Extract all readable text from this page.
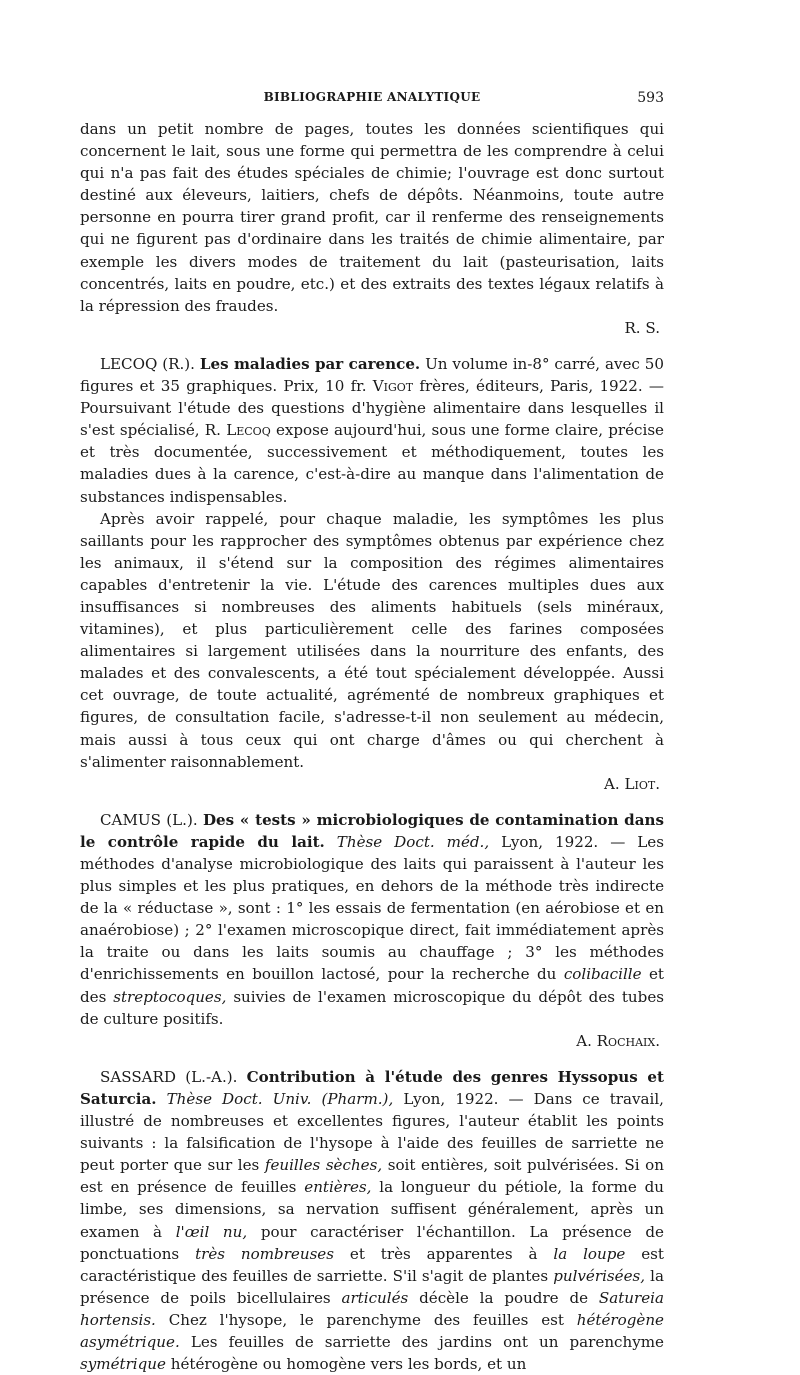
BIBLIOGRAPHIE ANALYTIQUE	593

dans un petit nombre de pages, toutes les données scientifiques qui concernent le lait, sous une forme qui permettra de les comprendre à celui qui n'a pas fait des études spéciales de chimie; l'ouvrage est donc surtout destiné aux éleveurs, laitiers, chefs de dépôts. Néanmoins, toute autre personne en pourra tirer grand profit, car il renferme des renseignements qui ne figurent pas d'ordinaire dans les traités de chimie alimentaire, par exemple les divers modes de traitement du lait (pasteurisation, laits concentrés, laits en poudre, etc.) et des extraits des textes légaux relatifs à la répression des fraudes.

R. S.

LECOQ (R.). Les maladies par carence. Un volume in-8° carré, avec 50 figures et 35 graphiques. Prix, 10 fr. Vigot frères, éditeurs, Paris, 1922. — Poursuivant l'étude des questions d'hygiène alimentaire dans lesquelles il s'est spécialisé, R. Lecoq expose aujourd'hui, sous une forme claire, précise et très documentée, successivement et méthodiquement, toutes les maladies dues à la carence, c'est-à-dire au manque dans l'alimentation de substances indispensables.

Après avoir rappelé, pour chaque maladie, les symptômes les plus saillants pour les rapprocher des symptômes obtenus par expérience chez les animaux, il s'étend sur la composition des régimes alimentaires capables d'entretenir la vie. L'étude des carences multiples dues aux insuffisances si nombreuses des aliments habituels (sels minéraux, vitamines), et plus particulièrement celle des farines composées alimentaires si largement utilisées dans la nourriture des enfants, des malades et des convalescents, a été tout spécialement développée. Aussi cet ouvrage, de toute actualité, agrémenté de nombreux graphiques et figures, de consultation facile, s'adresse-t-il non seulement au médecin, mais aussi à tous ceux qui ont charge d'âmes ou qui cherchent à s'alimenter raisonnablement.

A. Liot.

CAMUS (L.). Des « tests » microbiologiques de contamination dans le contrôle rapide du lait. Thèse Doct. méd., Lyon, 1922. — Les méthodes d'analyse microbiologique des laits qui paraissent à l'auteur les plus simples et les plus pratiques, en dehors de la méthode très indirecte de la « réductase », sont : 1° les essais de fermentation (en aérobiose et en anaérobiose) ; 2° l'examen microscopique direct, fait immédiatement après la traite ou dans les laits soumis au chauffage ; 3° les méthodes d'enrichissements en bouillon lactosé, pour la recherche du colibacille et des streptocoques, suivies de l'examen microscopique du dépôt des tubes de culture positifs.

A. Rochaix.

SASSARD (L.-A.). Contribution à l'étude des genres Hyssopus et Saturcia. Thèse Doct. Univ. (Pharm.), Lyon, 1922. — Dans ce travail, illustré de nombreuses et excellentes figures, l'auteur établit les points suivants : la falsification de l'hysope à l'aide des feuilles de sarriette ne peut porter que sur les feuilles sèches, soit entières, soit pulvérisées. Si on est en présence de feuilles entières, la longueur du pétiole, la forme du limbe, ses dimensions, sa nervation suffisent généralement, après un examen à l'œil nu, pour caractériser l'échantillon. La présence de ponctuations très nombreuses et très apparentes à la loupe est caractéristique des feuilles de sarriette. S'il s'agit de plantes pulvérisées, la présence de poils bicellulaires articulés décèle la poudre de Satureia hortensis. Chez l'hysope, le parenchyme des feuilles est hétérogène asymétrique. Les feuilles de sarriette des jardins ont un parenchyme symétrique hétérogène ou homogène vers les bords, et un
